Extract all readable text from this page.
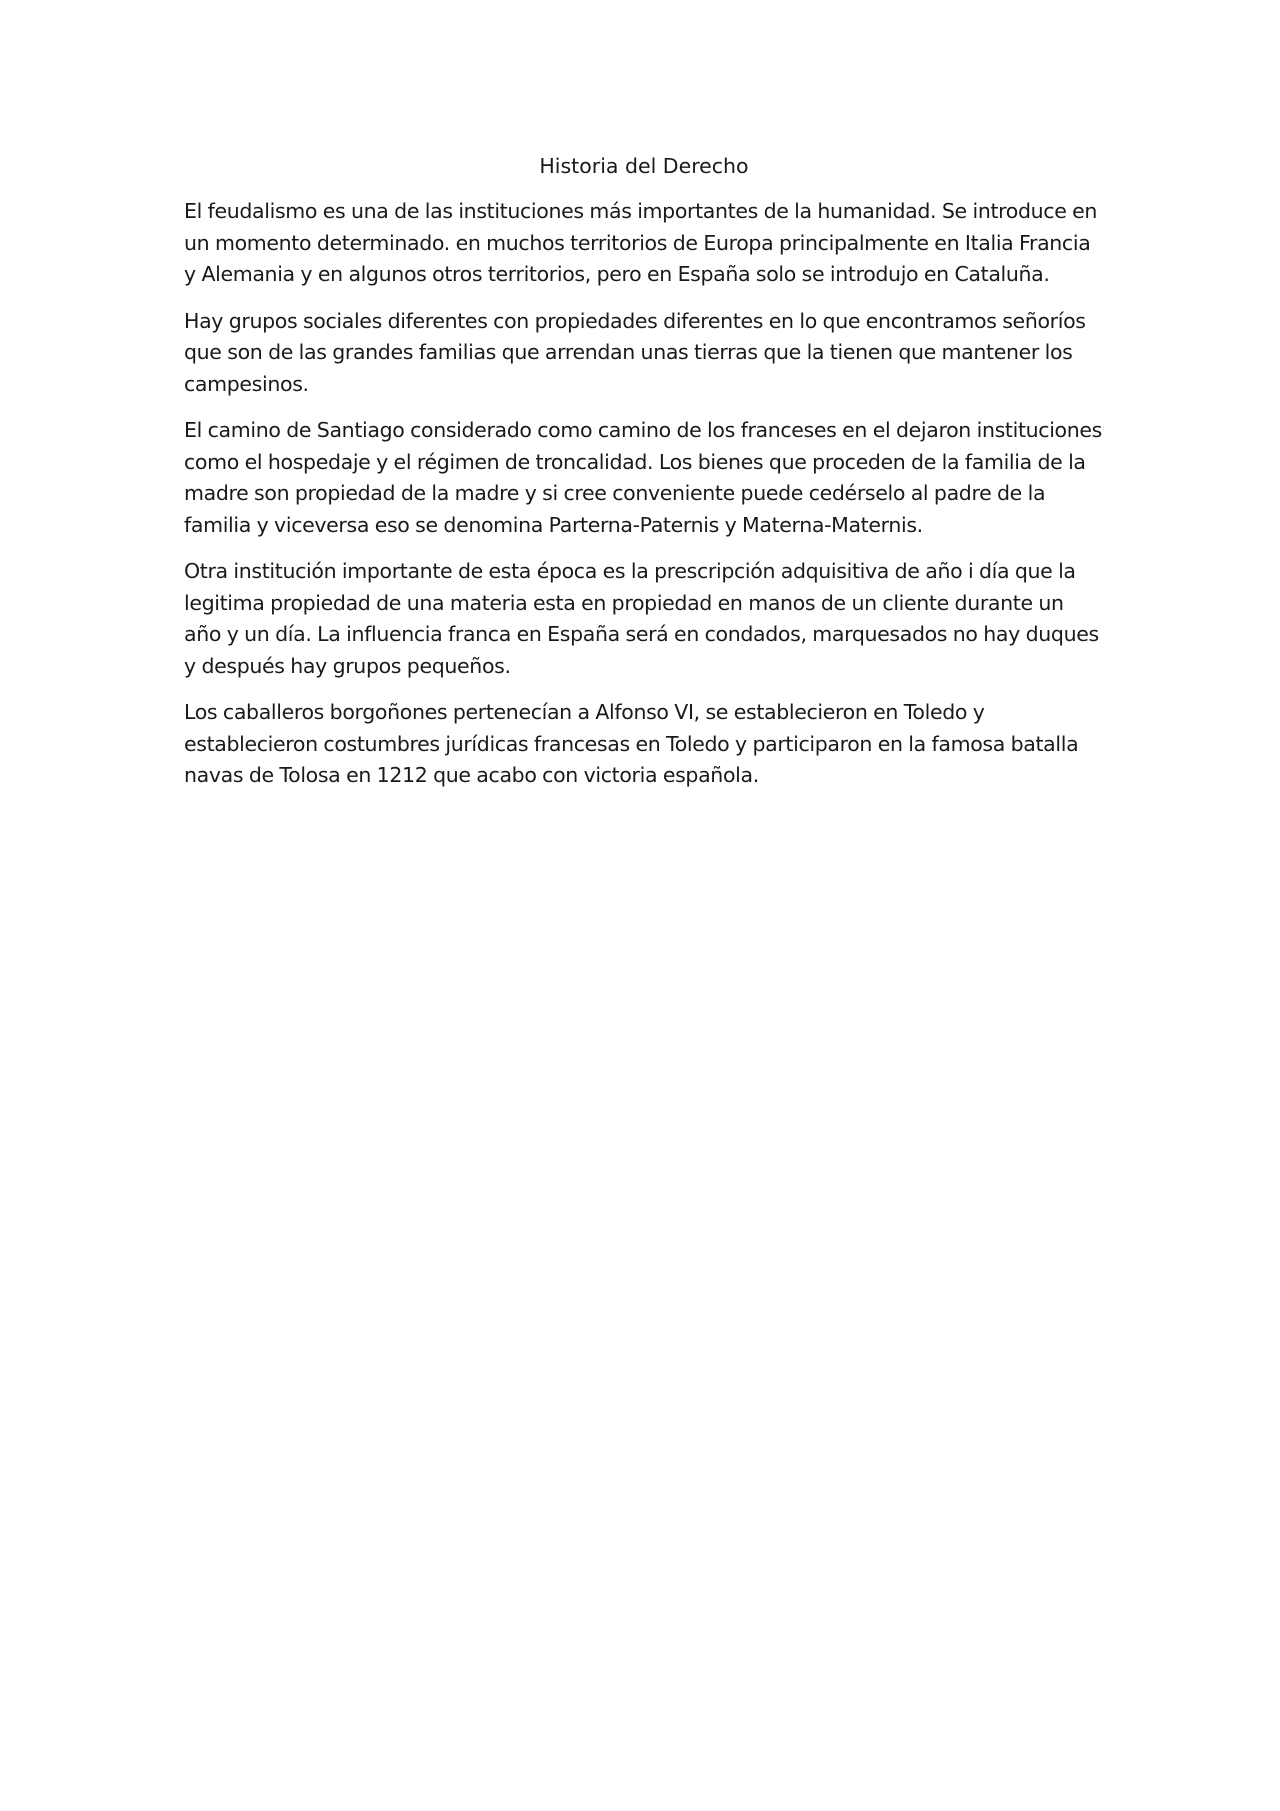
Historia del Derecho

El feudalismo es una de las instituciones más importantes de la humanidad. Se introduce en un momento determinado. en muchos territorios de Europa principalmente en Italia Francia y Alemania y en algunos otros territorios, pero en España solo se introdujo en Cataluña.

Hay grupos sociales diferentes con propiedades diferentes en lo que encontramos señoríos que son de las grandes familias que arrendan unas tierras que la tienen que mantener los campesinos.

El camino de Santiago considerado como camino de los franceses en el dejaron instituciones como el hospedaje y el régimen de troncalidad. Los bienes que proceden de la familia de la madre son propiedad de la madre y si cree conveniente puede cedérselo al padre de la familia y viceversa eso se denomina Parterna-Paternis y Materna-Maternis.

Otra institución importante de esta época es la prescripción adquisitiva de año i día que la legitima propiedad de una materia esta en propiedad en manos de un cliente durante un año y un día. La influencia franca en España será en condados, marquesados no hay duques y después hay grupos pequeños.

Los caballeros borgoñones pertenecían a Alfonso VI, se establecieron en Toledo y establecieron costumbres jurídicas francesas en Toledo y participaron en la famosa batalla navas de Tolosa en 1212 que acabo con victoria española.
